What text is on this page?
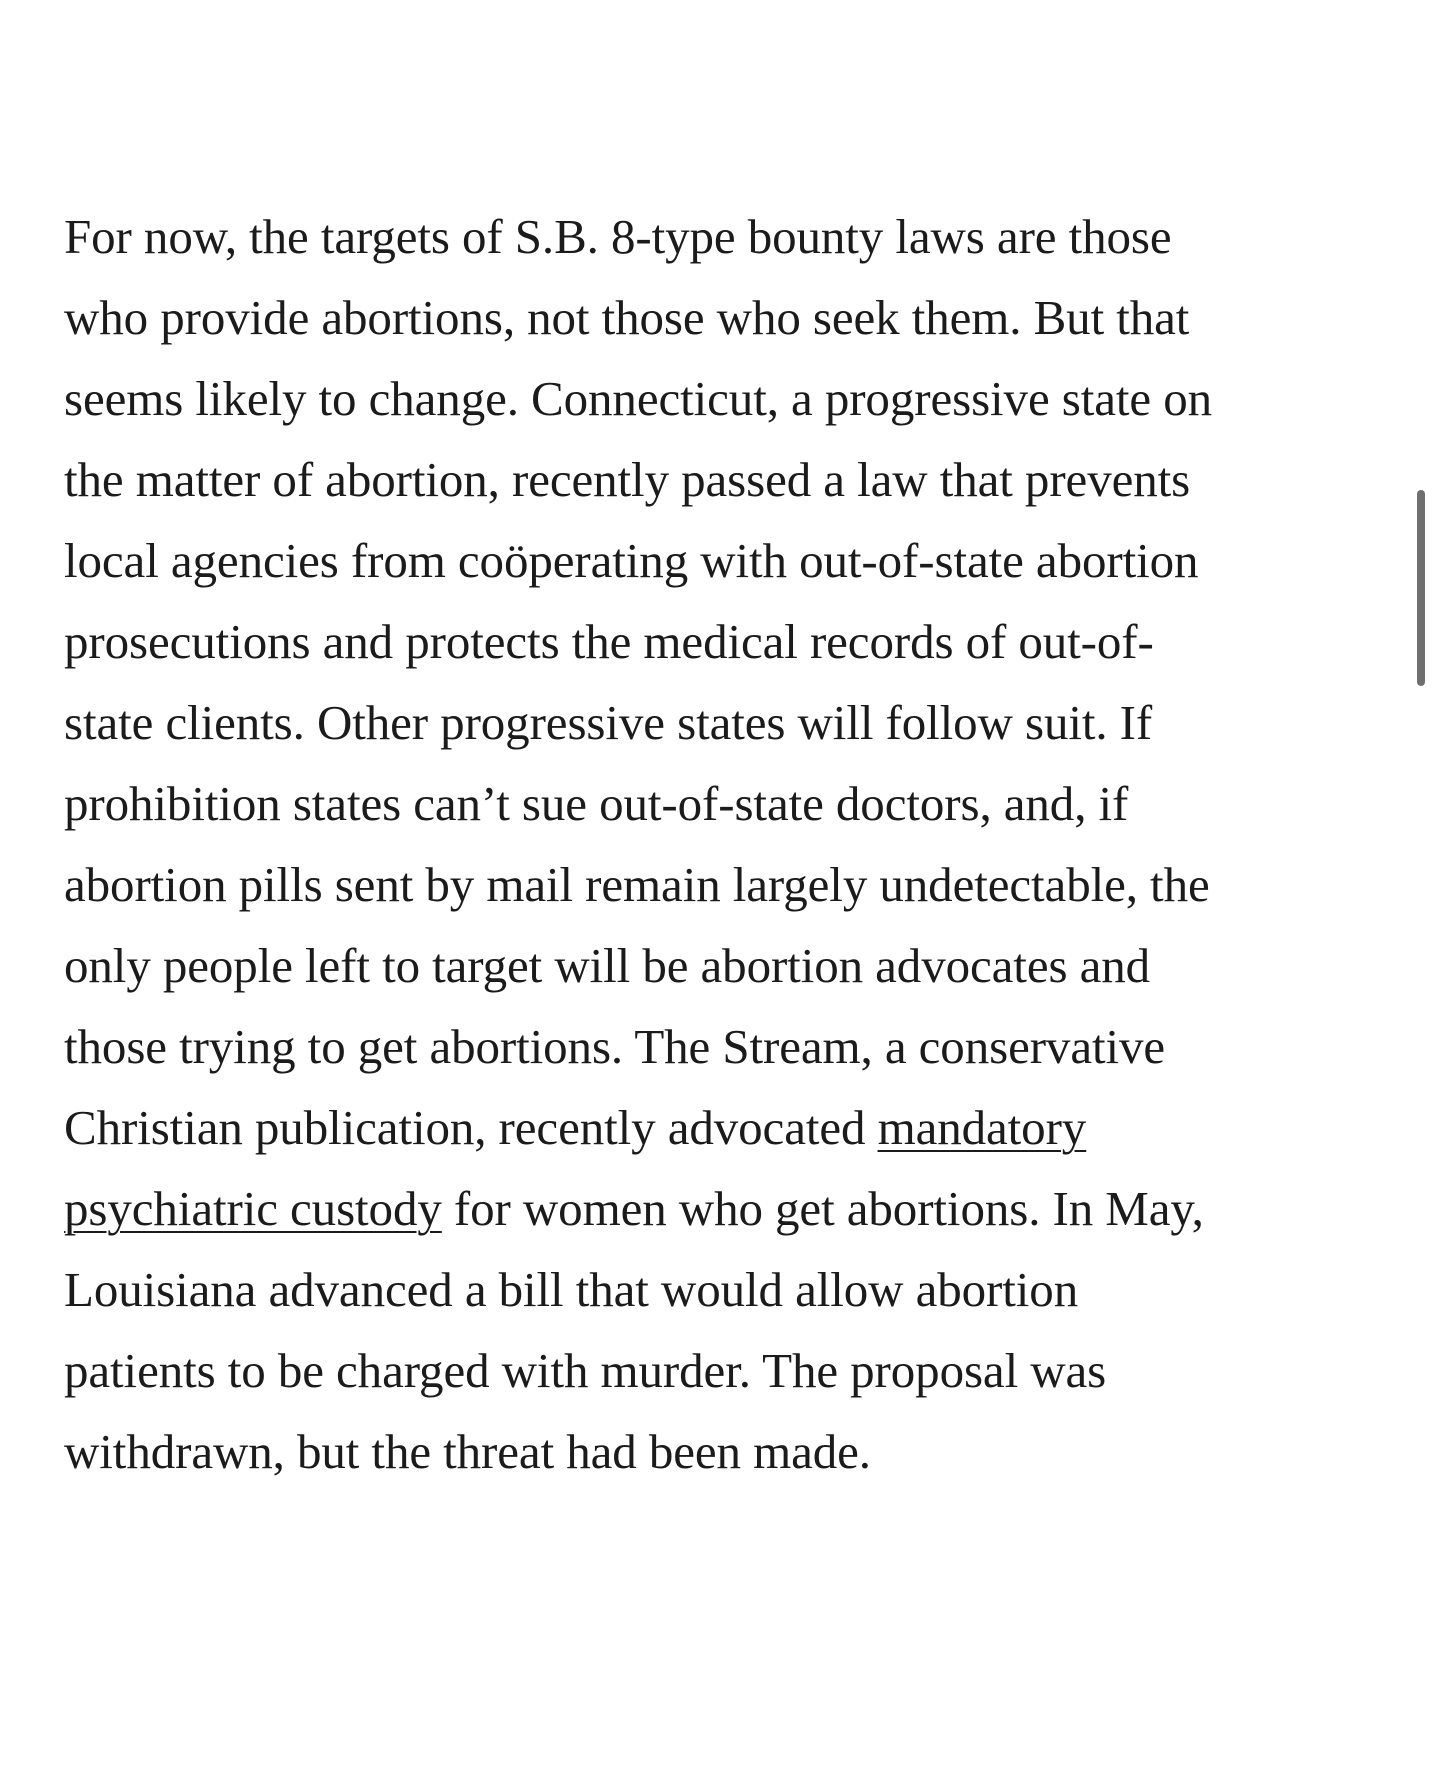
For now, the targets of S.B. 8-type bounty laws are those
who provide abortions, not those who seek them. But that
seems likely to change. Connecticut, a progressive state on
the matter of abortion, recently passed a law that prevents
local agencies from coöperating with out-of-state abortion
prosecutions and protects the medical records of out-of-
state clients. Other progressive states will follow suit. If
prohibition states can’t sue out-of-state doctors, and, if
abortion pills sent by mail remain largely undetectable, the
only people left to target will be abortion advocates and
those trying to get abortions. The Stream, a conservative
Christian publication, recently advocated mandatory
psychiatric custody for women who get abortions. In May,
Louisiana advanced a bill that would allow abortion
patients to be charged with murder. The proposal was
withdrawn, but the threat had been made.
